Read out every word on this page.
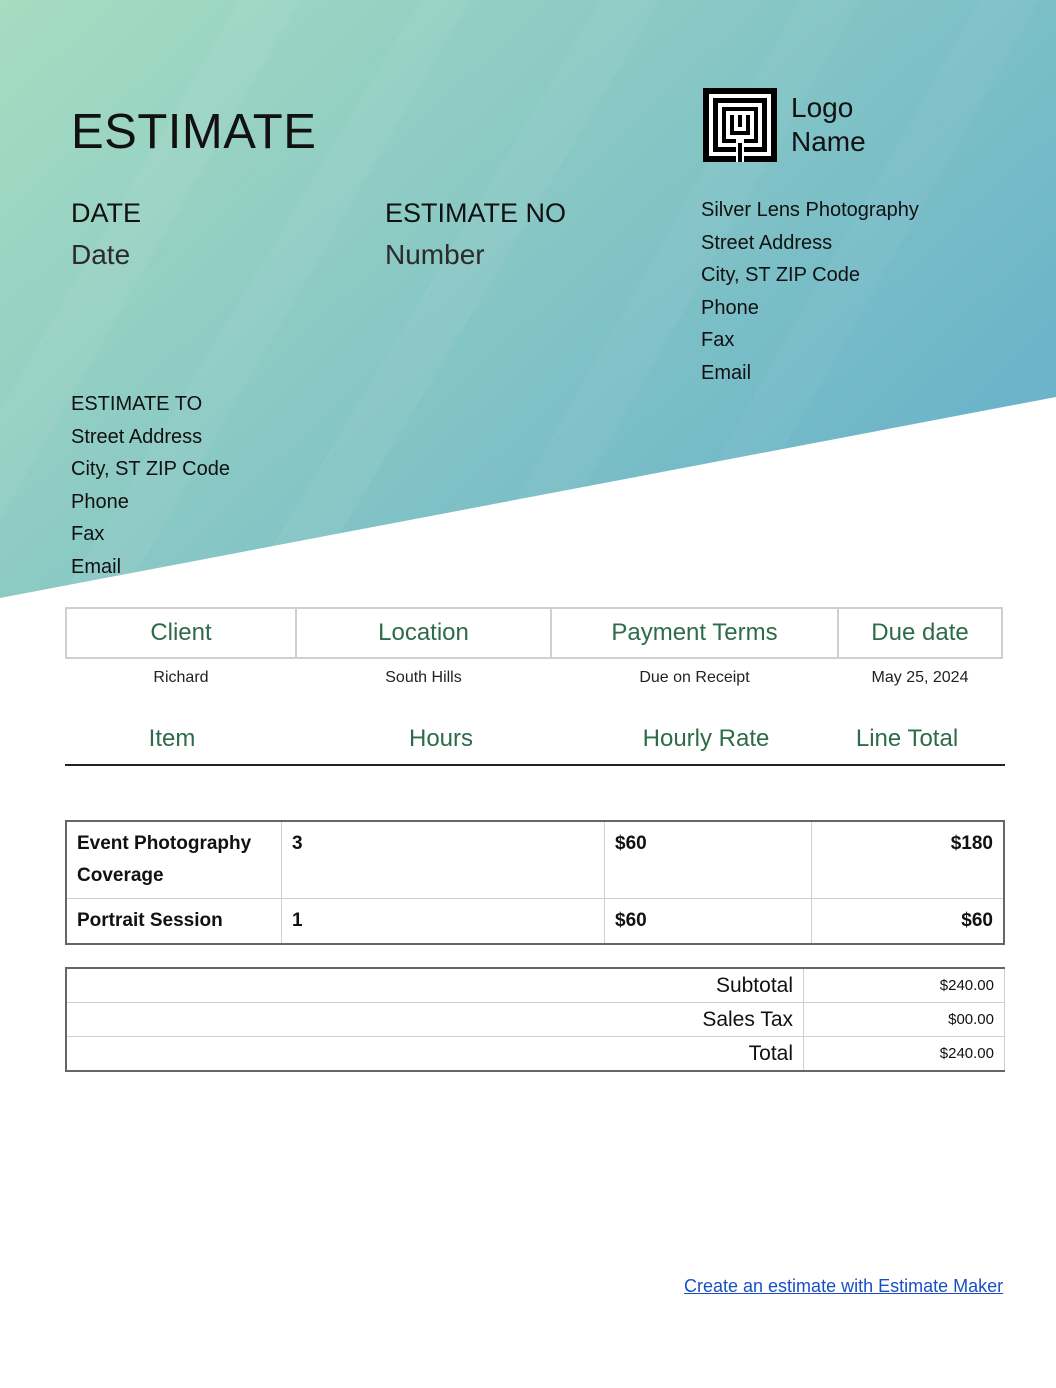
ESTIMATE
DATE
Date
ESTIMATE NO
Number
Logo
Name
Silver Lens Photography
Street Address
City, ST ZIP Code
Phone
Fax
Email
ESTIMATE TO
Street Address
City, ST ZIP Code
Phone
Fax
Email
Client	Location	Payment Terms	Due date
Richard	South Hills	Due on Receipt	May 25, 2024
Item	Hours	Hourly Rate	Line Total
Event Photography Coverage	3	$60	$180
Portrait Session	1	$60	$60
Subtotal	$240.00
Sales Tax	$00.00
Total	$240.00
Create an estimate with Estimate Maker
